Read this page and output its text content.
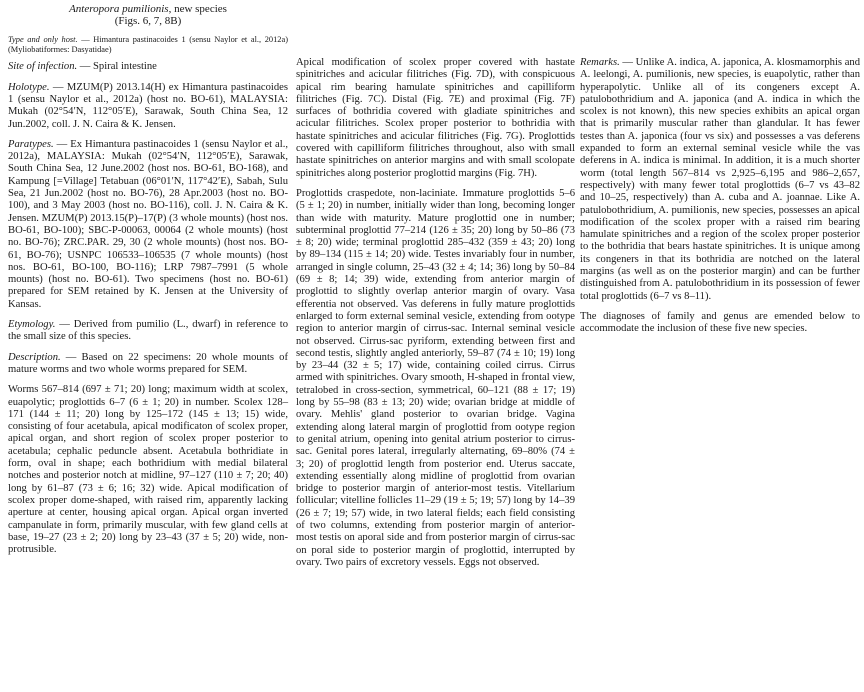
Anteropora pumilionis, new species
(Figs. 6, 7, 8B)

Type and only host. — Himantura pastinacoides 1 (sensu Naylor et al., 2012a) (Myliobatiformes: Dasyatidae)

Site of infection. — Spiral intestine

Holotype. — MZUM(P) 2013.14(H) ex Himantura pastinacoides 1 (sensu Naylor et al., 2012a) (host no. BO-61), MALAYSIA: Mukah (02°54′N, 112°05′E), Sarawak, South China Sea, 12 Jun.2002, coll. J. N. Caira & K. Jensen.

Paratypes. — Ex Himantura pastinacoides 1 (sensu Naylor et al., 2012a), MALAYSIA: Mukah (02°54′N, 112°05′E), Sarawak, South China Sea, 12 June.2002 (host nos. BO-61, BO-168), and Kampung [=Village] Tetabuan (06°01′N, 117°42′E), Sabah, Sulu Sea, 21 Jun.2002 (host no. BO-76), 28 Apr.2003 (host no. BO-100), and 3 May 2003 (host no. BO-116), coll. J. N. Caira & K. Jensen. MZUM(P) 2013.15(P)–17(P) (3 whole mounts) (host nos. BO-61, BO-100); SBC-P-00063, 00064 (2 whole mounts) (host no. BO-76); ZRC.PAR. 29, 30 (2 whole mounts) (host nos. BO-61, BO-76); USNPC 106533–106535 (7 whole mounts) (host nos. BO-61, BO-100, BO-116); LRP 7987–7991 (5 whole mounts) (host no. BO-61). Two specimens (host no. BO-61) prepared for SEM retained by K. Jensen at the University of Kansas.

Etymology. — Derived from pumilio (L., dwarf) in reference to the small size of this species.

Description. — Based on 22 specimens: 20 whole mounts of mature worms and two whole worms prepared for SEM.

Worms 567–814 (697 ± 71; 20) long; maximum width at scolex, euapolytic; proglottids 6–7 (6 ± 1; 20) in number. Scolex 128–171 (144 ± 11; 20) long by 125–172 (145 ± 13; 15) wide, consisting of four acetabula, apical modificaton of scolex proper, apical organ, and short region of scolex proper posterior to acetabula; cephalic peduncle absent. Acetabula bothridiate in form, oval in shape; each bothridium with medial bilateral notches and posterior notch at midline, 97–127 (110 ± 7; 20; 40) long by 61–87 (73 ± 6; 16; 32) wide. Apical modification of scolex proper dome-shaped, with raised rim, apparently lacking aperture at center, housing apical organ. Apical organ inverted campanulate in form, primarily muscular, with few gland cells at base, 19–27 (23 ± 2; 20) long by 23–43 (37 ± 5; 20) wide, non-protrusible.

Apical modification of scolex proper covered with hastate spinitriches and acicular filitriches (Fig. 7D), with conspicuous apical rim bearing hamulate spinitriches and capilliform filitriches (Fig. 7C). Distal (Fig. 7E) and proximal (Fig. 7F) surfaces of bothridia covered with gladiate spinitriches and acicular filitriches. Scolex proper posterior to bothridia with hastate spinitriches and acicular filitriches (Fig. 7G). Proglottids covered with capilliform filitriches throughout, also with small hastate spinitriches on anterior margins and with small scolopate spinitriches along posterior proglottid margins (Fig. 7H).

Proglottids craspedote, non-laciniate. Immature proglottids 5–6 (5 ± 1; 20) in number, initially wider than long, becoming longer than wide with maturity. Mature proglottid one in number; subterminal proglottid 77–214 (126 ± 35; 20) long by 50–86 (73 ± 8; 20) wide; terminal proglottid 285–432 (359 ± 43; 20) long by 89–134 (115 ± 14; 20) wide. Testes invariably four in number, arranged in single column, 25–43 (32 ± 4; 14; 36) long by 50–84 (69 ± 8; 14; 39) wide, extending from anterior margin of proglottid to slightly overlap anterior margin of ovary. Vasa efferentia not observed. Vas deferens in fully mature proglottids enlarged to form external seminal vesicle, extending from ootype region to anterior margin of cirrus-sac. Internal seminal vesicle not observed. Cirrus-sac pyriform, extending between first and second testis, slightly angled anteriorly, 59–87 (74 ± 10; 19) long by 23–44 (32 ± 5; 17) wide, containing coiled cirrus. Cirrus armed with spinitriches. Ovary smooth, H-shaped in frontal view, tetralobed in cross-section, symmetrical, 60–121 (88 ± 17; 19) long by 55–98 (83 ± 13; 20) wide; ovarian bridge at middle of ovary. Mehlis' gland posterior to ovarian bridge. Vagina extending along lateral margin of proglottid from ootype region to genital atrium, opening into genital atrium posterior to cirrus-sac. Genital pores lateral, irregularly alternating, 69–80% (74 ± 3; 20) of proglottid length from posterior end. Uterus saccate, extending essentially along midline of proglottid from ovarian bridge to posterior margin of anterior-most testis. Vitellarium follicular; vitelline follicles 11–29 (19 ± 5; 19; 57) long by 14–39 (26 ± 7; 19; 57) wide, in two lateral fields; each field consisting of two columns, extending from posterior margin of anterior-most testis on aporal side and from posterior margin of cirrus-sac on poral side to posterior margin of proglottid, interrupted by ovary. Two pairs of excretory vessels. Eggs not observed.

Remarks. — Unlike A. indica, A. japonica, A. klosmamorphis and A. leelongi, A. pumilionis, new species, is euapolytic, rather than hyperapolytic. Unlike all of its congeners except A. patulobothridium and A. japonica (and A. indica in which the scolex is not known), this new species exhibits an apical organ that is primarily muscular rather than glandular. It has fewer testes than A. japonica (four vs six) and possesses a vas deferens expanded to form an external seminal vesicle while the vas deferens in A. indica is minimal. In addition, it is a much shorter worm (total length 567–814 vs 2,925–6,195 and 986–2,657, respectively) with many fewer total proglottids (6–7 vs 43–82 and 10–25, respectively) than A. cuba and A. joannae. Like A. patulobothridium, A. pumilionis, new species, possesses an apical modification of the scolex proper with a raised rim bearing hamulate spinitriches and a region of the scolex proper posterior to the bothridia that bears hastate spinitriches. It is unique among its congeners in that its bothridia are notched on the lateral margins (as well as on the posterior margin) and can be further distinguished from A. patulobothridium in its possession of fewer total proglottids (6–7 vs 8–11).

The diagnoses of family and genus are emended below to accommodate the inclusion of these five new species.
